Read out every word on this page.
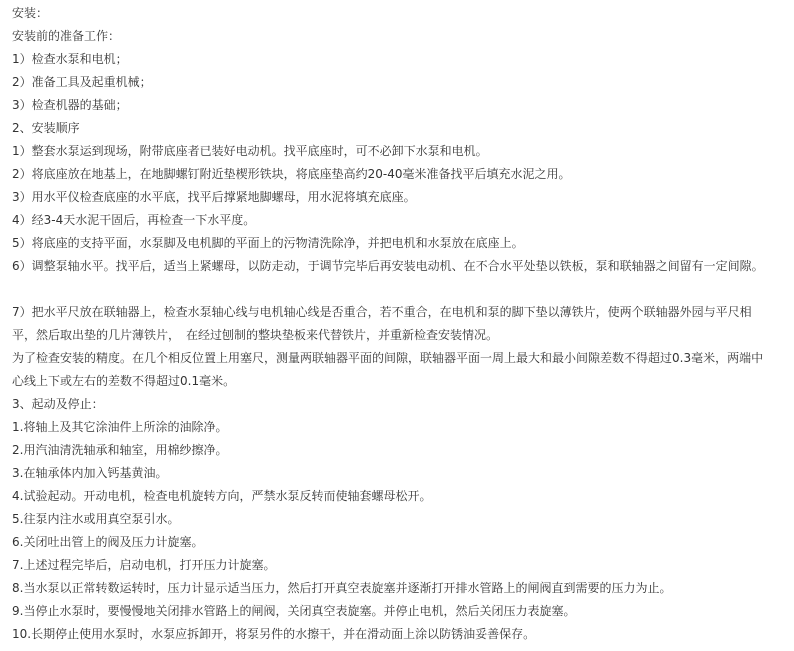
安装：
安装前的准备工作：
1）检查水泵和电机；
2）准备工具及起重机械；
3）检查机器的基础；
2、安装顺序
1）整套水泵运到现场，附带底座者已装好电动机。找平底座时，可不必卸下水泵和电机。
2）将底座放在地基上，在地脚螺钉附近垫楔形铁块，将底座垫高约20-40毫米准备找平后填充水泥之用。
3）用水平仪检查底座的水平底，找平后撑紧地脚螺母，用水泥将填充底座。
4）经3-4天水泥干固后，再检查一下水平度。
5）将底座的支持平面，水泵脚及电机脚的平面上的污物清洗除净，并把电机和水泵放在底座上。
6）调整泵轴水平。找平后，适当上紧螺母，以防走动，于调节完毕后再安装电动机、在不合水平处垫以铁板，泵和联轴器之间留有一定间隙。
7）把水平尺放在联轴器上，检查水泵轴心线与电机轴心线是否重合，若不重合，在电机和泵的脚下垫以薄铁片，使两个联轴器外园与平尺相平，然后取出垫的几片薄铁片，　在经过刨制的整块垫板来代替铁片，并重新检查安装情况。
为了检查安装的精度。在几个相反位置上用塞尺，测量两联轴器平面的间隙，联轴器平面一周上最大和最小间隙差数不得超过0.3毫米，两端中心线上下或左右的差数不得超过0.1毫米。
3、起动及停止：
1.将轴上及其它涂油件上所涂的油除净。
2.用汽油清洗轴承和轴室，用棉纱擦净。
3.在轴承体内加入钙基黄油。
4.试验起动。开动电机，检查电机旋转方向，严禁水泵反转而使轴套螺母松开。
5.往泵内注水或用真空泵引水。
6.关闭吐出管上的阀及压力计旋塞。
7.上述过程完毕后，启动电机，打开压力计旋塞。
8.当水泵以正常转数运转时，压力计显示适当压力，然后打开真空表旋塞并逐渐打开排水管路上的闸阀直到需要的压力为止。
9.当停止水泵时，要慢慢地关闭排水管路上的闸阀，关闭真空表旋塞。并停止电机，然后关闭压力表旋塞。
10.长期停止使用水泵时，水泵应拆卸开，将泵另件的水擦干，并在滑动面上涂以防锈油妥善保存。
